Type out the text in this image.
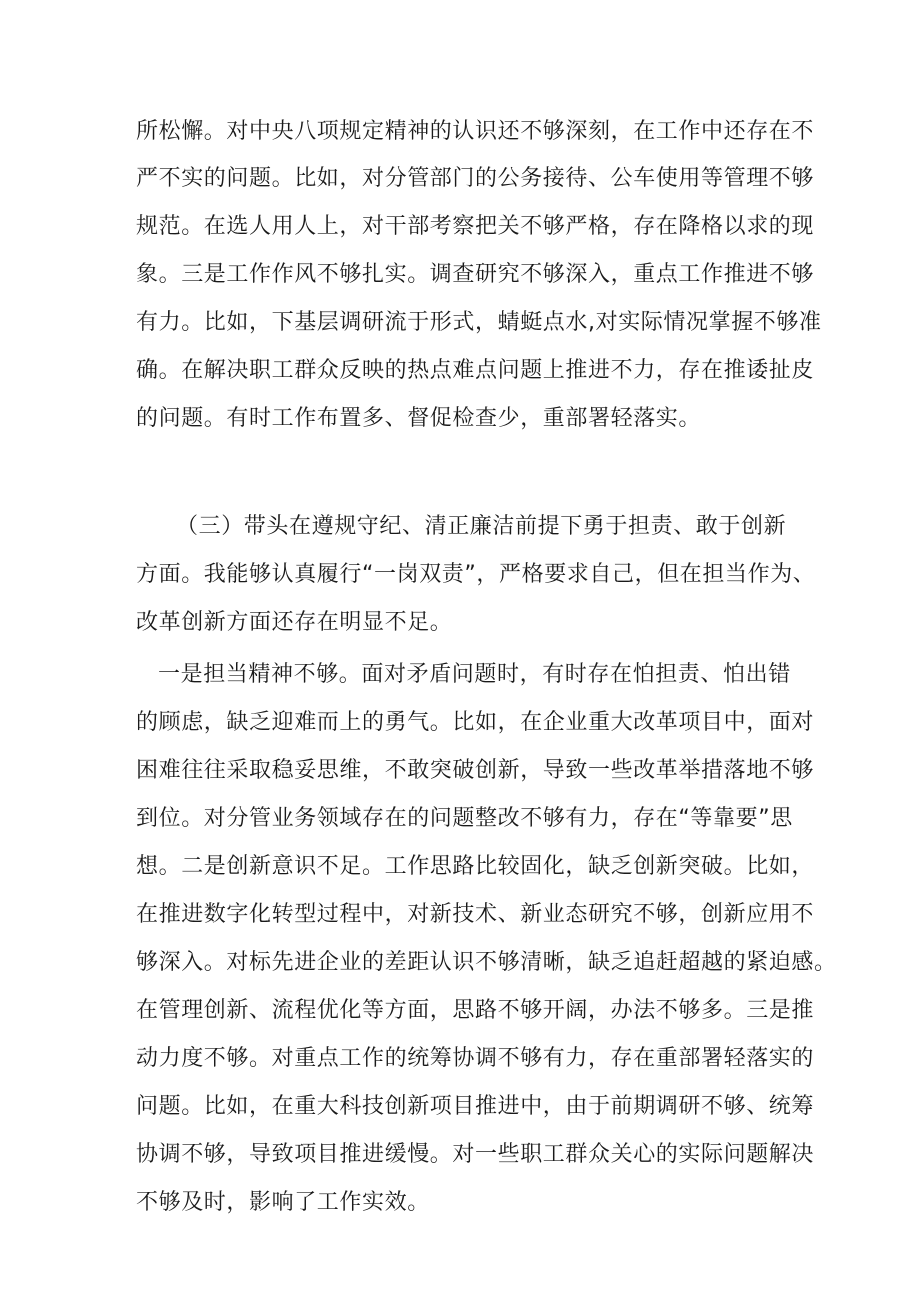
所松懈。对中央八项规定精神的认识还不够深刻，在工作中还存在不
严不实的问题。比如，对分管部门的公务接待、公车使用等管理不够
规范。在选人用人上，对干部考察把关不够严格，存在降格以求的现
象。三是工作作风不够扎实。调查研究不够深入，重点工作推进不够
有力。比如，下基层调研流于形式，蜻蜓点水,对实际情况掌握不够准
确。在解决职工群众反映的热点难点问题上推进不力，存在推诿扯皮
的问题。有时工作布置多、督促检查少，重部署轻落实。
（三）带头在遵规守纪、清正廉洁前提下勇于担责、敢于创新
方面。我能够认真履行“一岗双责”，严格要求自己，但在担当作为、
改革创新方面还存在明显不足。
一是担当精神不够。面对矛盾问题时，有时存在怕担责、怕出错
的顾虑，缺乏迎难而上的勇气。比如，在企业重大改革项目中，面对
困难往往采取稳妥思维，不敢突破创新，导致一些改革举措落地不够
到位。对分管业务领域存在的问题整改不够有力，存在“等靠要”思
想。二是创新意识不足。工作思路比较固化，缺乏创新突破。比如，
在推进数字化转型过程中，对新技术、新业态研究不够，创新应用不
够深入。对标先进企业的差距认识不够清晰，缺乏追赶超越的紧迫感。
在管理创新、流程优化等方面，思路不够开阔，办法不够多。三是推
动力度不够。对重点工作的统筹协调不够有力，存在重部署轻落实的
问题。比如，在重大科技创新项目推进中，由于前期调研不够、统筹
协调不够，导致项目推进缓慢。对一些职工群众关心的实际问题解决
不够及时，影响了工作实效。
